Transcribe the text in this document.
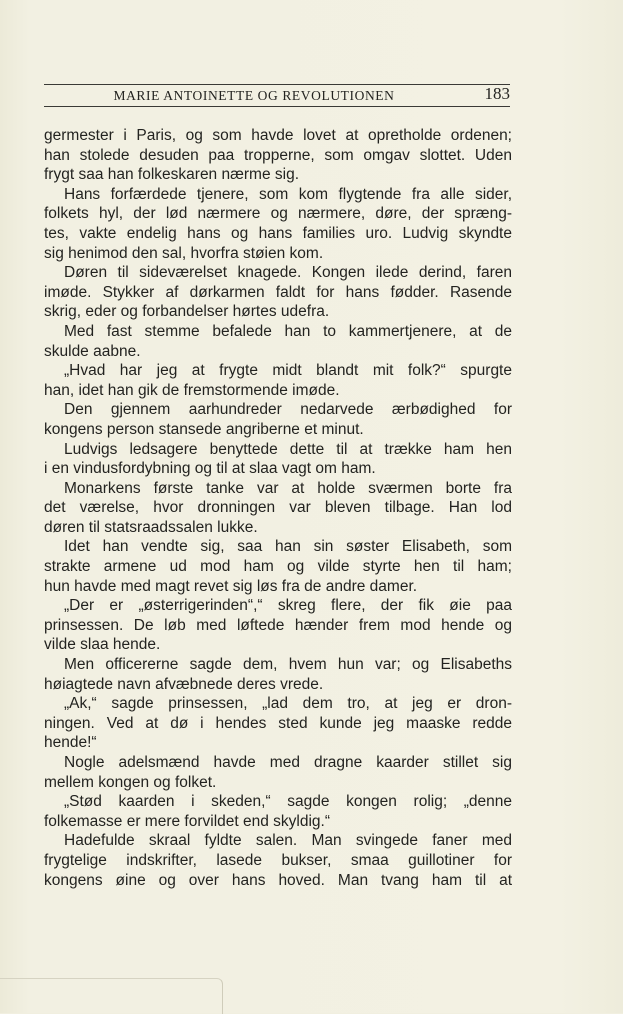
MARIE ANTOINETTE OG REVOLUTIONEN	183
germester i Paris, og som havde lovet at opretholde ordenen;
han stolede desuden paa tropperne, som omgav slottet. Uden
frygt saa han folkeskaren nærme sig.
Hans forfærdede tjenere, som kom flygtende fra alle sider,
folkets hyl, der lød nærmere og nærmere, døre, der spræng-
tes, vakte endelig hans og hans families uro. Ludvig skyndte
sig henimod den sal, hvorfra støien kom.
Døren til sideværelset knagede. Kongen ilede derind, faren
imøde. Stykker af dørkarmen faldt for hans fødder. Rasende
skrig, eder og forbandelser hørtes udefra.
Med fast stemme befalede han to kammertjenere, at de
skulde aabne.
„Hvad har jeg at frygte midt blandt mit folk?“ spurgte
han, idet han gik de fremstormende imøde.
Den gjennem aarhundreder nedarvede ærbødighed for
kongens person stansede angriberne et minut.
Ludvigs ledsagere benyttede dette til at trække ham hen
i en vindusfordybning og til at slaa vagt om ham.
Monarkens første tanke var at holde sværmen borte fra
det værelse, hvor dronningen var bleven tilbage. Han lod
døren til statsraadssalen lukke.
Idet han vendte sig, saa han sin søster Elisabeth, som
strakte armene ud mod ham og vilde styrte hen til ham;
hun havde med magt revet sig løs fra de andre damer.
„Der er „østerrigerinden“,“ skreg flere, der fik øie paa
prinsessen. De løb med løftede hænder frem mod hende og
vilde slaa hende.
Men officererne sagde dem, hvem hun var; og Elisabeths
høiagtede navn afvæbnede deres vrede.
„Ak,“ sagde prinsessen, „lad dem tro, at jeg er dron-
ningen. Ved at dø i hendes sted kunde jeg maaske redde
hende!“
Nogle adelsmænd havde med dragne kaarder stillet sig
mellem kongen og folket.
„Stød kaarden i skeden,“ sagde kongen rolig; „denne
folkemasse er mere forvildet end skyldig.“
Hadefulde skraal fyldte salen. Man svingede faner med
frygtelige indskrifter, lasede bukser, smaa guillotiner for
kongens øine og over hans hoved. Man tvang ham til at
